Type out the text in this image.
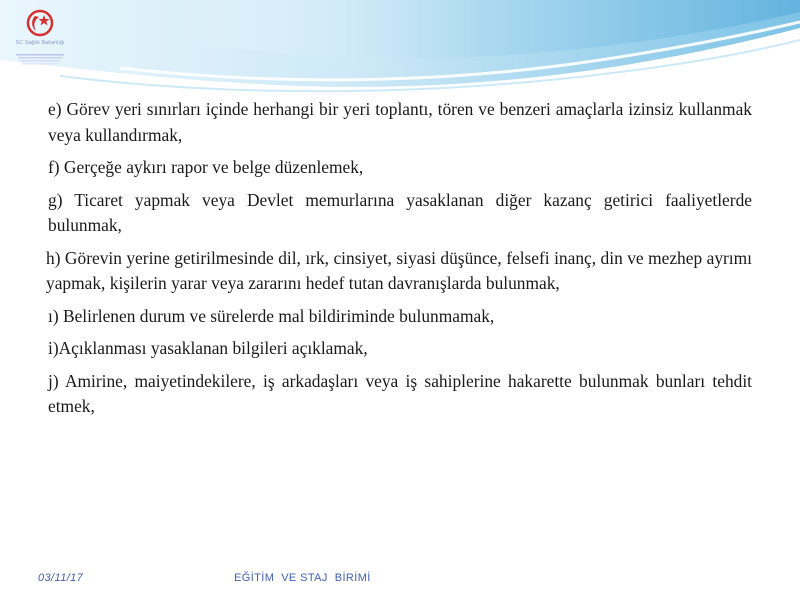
SC Sağlık Bakanlığı

e) Görev yeri sınırları içinde herhangi bir yeri toplantı, tören ve benzeri amaçlarla izinsiz kullanmak veya kullandırmak,

f) Gerçeğe aykırı rapor ve belge düzenlemek,

g) Ticaret yapmak veya Devlet memurlarına yasaklanan diğer kazanç getirici faaliyetlerde bulunmak,

h) Görevin yerine getirilmesinde dil, ırk, cinsiyet, siyasi düşünce, felsefi inanç, din ve mezhep ayrımı yapmak, kişilerin yarar veya zararını hedef tutan davranışlarda bulunmak,

ı) Belirlenen durum ve sürelerde mal bildiriminde bulunmamak,

i)Açıklanması yasaklanan bilgileri açıklamak,

j) Amirine, maiyetindekilere, iş arkadaşları veya iş sahiplerine hakarette bulunmak bunları tehdit etmek,

03/11/17	EĞİTİM  VE STAJ  BİRİMİ
